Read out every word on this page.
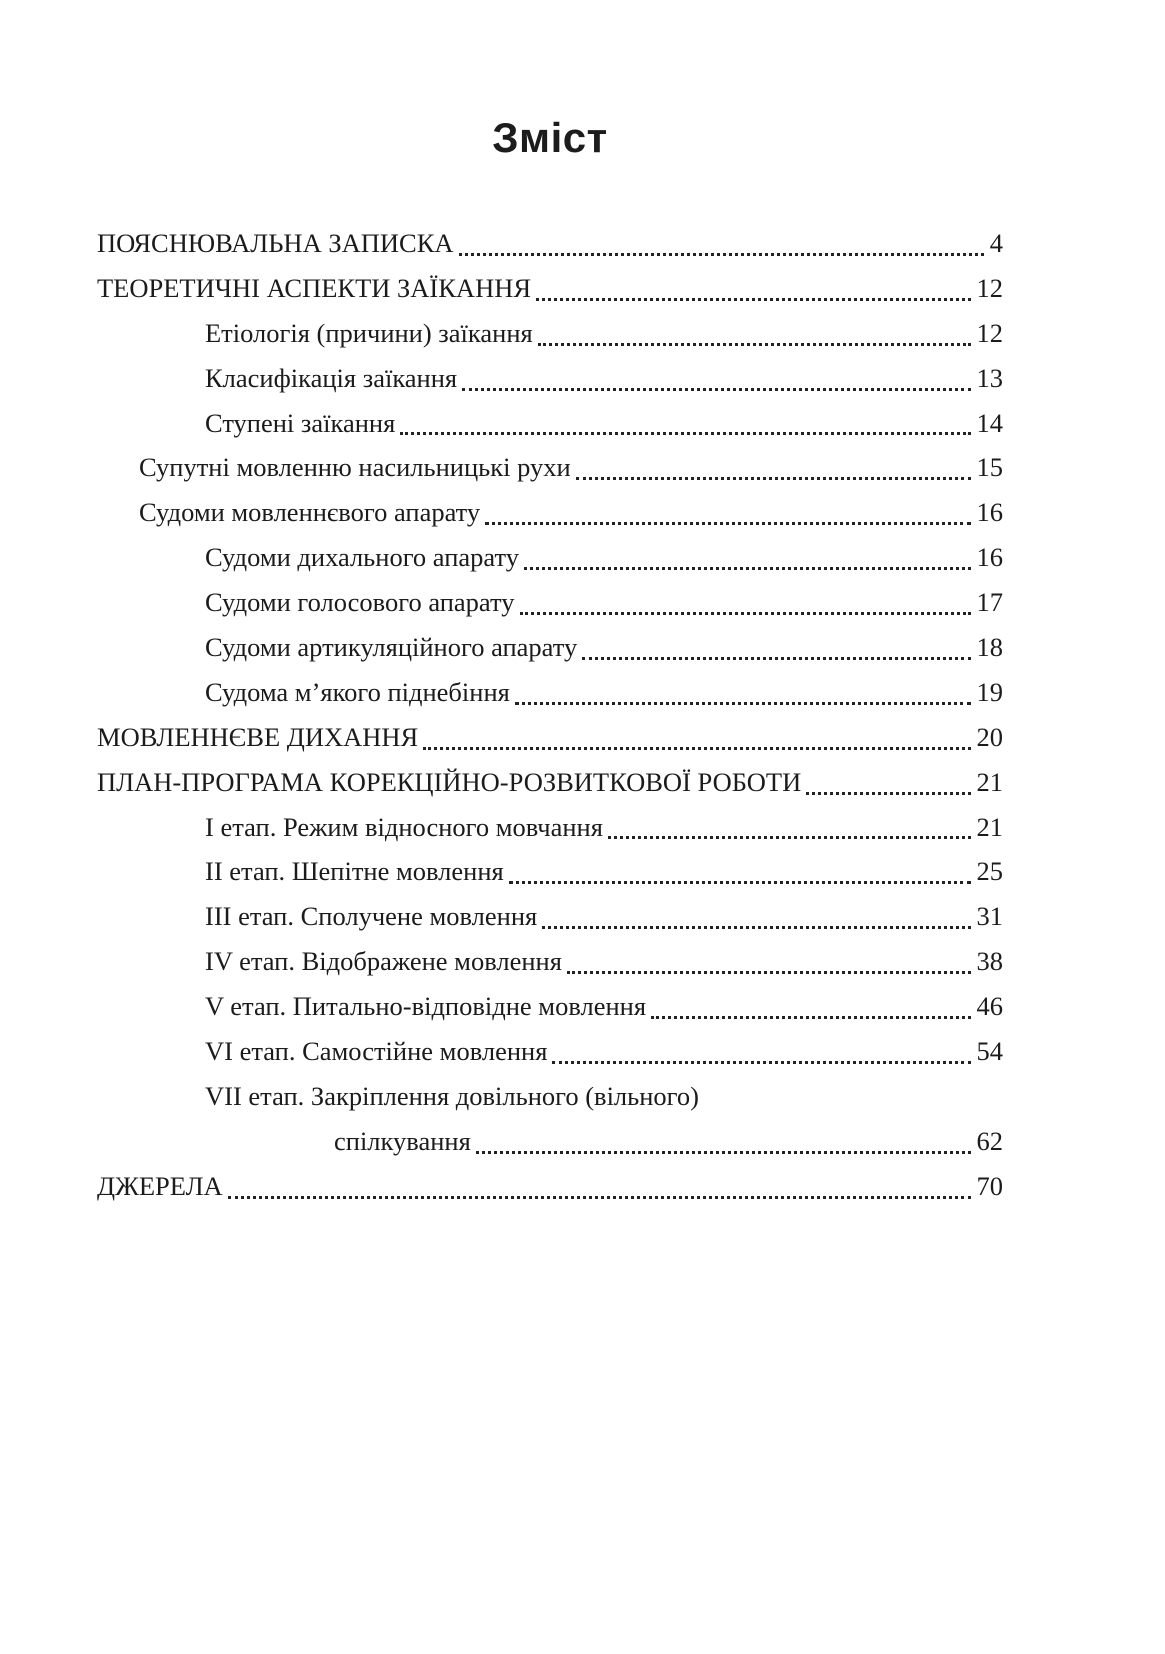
Зміст
ПОЯСНЮВАЛЬНА ЗАПИСКА	4
ТЕОРЕТИЧНІ АСПЕКТИ ЗАЇКАННЯ	12
Етіологія (причини) заїкання	12
Класифікація заїкання	13
Ступені заїкання	14
Супутні мовленню насильницькі рухи	15
Судоми мовленнєвого апарату	16
Судоми дихального апарату	16
Судоми голосового апарату	17
Судоми артикуляційного апарату	18
Судома м’якого піднебіння	19
МОВЛЕННЄВЕ ДИХАННЯ	20
ПЛАН-ПРОГРАМА КОРЕКЦІЙНО-РОЗВИТКОВОЇ РОБОТИ	21
I етап. Режим відносного мовчання	21
II етап. Шепітне мовлення	25
III етап. Сполучене мовлення	31
IV етап. Відображене мовлення	38
V етап. Питально-відповідне мовлення	46
VI етап. Самостійне мовлення	54
VII етап. Закріплення довільного (вільного)
спілкування	62
ДЖЕРЕЛА	70
